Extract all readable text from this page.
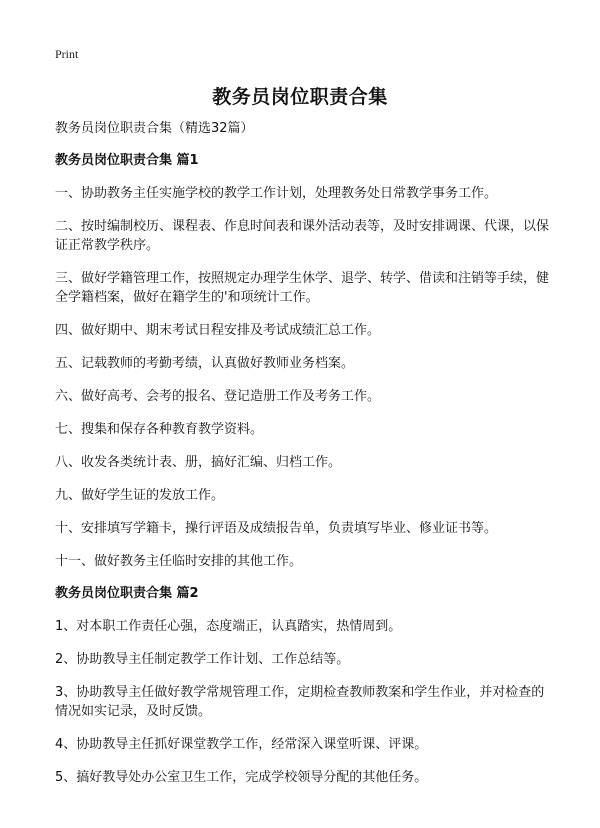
Print
教务员岗位职责合集

教务员岗位职责合集（精选32篇）

教务员岗位职责合集 篇1

一、协助教务主任实施学校的教学工作计划，处理教务处日常教学事务工作。

二、按时编制校历、课程表、作息时间表和课外活动表等，及时安排调课、代课，以保证正常教学秩序。

三、做好学籍管理工作，按照规定办理学生休学、退学、转学、借读和注销等手续，健全学籍档案，做好在籍学生的'和项统计工作。

四、做好期中、期末考试日程安排及考试成绩汇总工作。

五、记载教师的考勤考绩，认真做好教师业务档案。

六、做好高考、会考的报名、登记造册工作及考务工作。

七、搜集和保存各种教育教学资料。

八、收发各类统计表、册，搞好汇编、归档工作。

九、做好学生证的发放工作。

十、安排填写学籍卡，操行评语及成绩报告单，负责填写毕业、修业证书等。

十一、做好教务主任临时安排的其他工作。

教务员岗位职责合集 篇2

1、对本职工作责任心强，态度端正，认真踏实，热情周到。

2、协助教导主任制定教学工作计划、工作总结等。

3、协助教导主任做好教学常规管理工作，定期检查教师教案和学生作业，并对检查的情况如实记录，及时反馈。

4、协助教导主任抓好课堂教学工作，经常深入课堂听课、评课。

5、搞好教导处办公室卫生工作，完成学校领导分配的其他任务。
